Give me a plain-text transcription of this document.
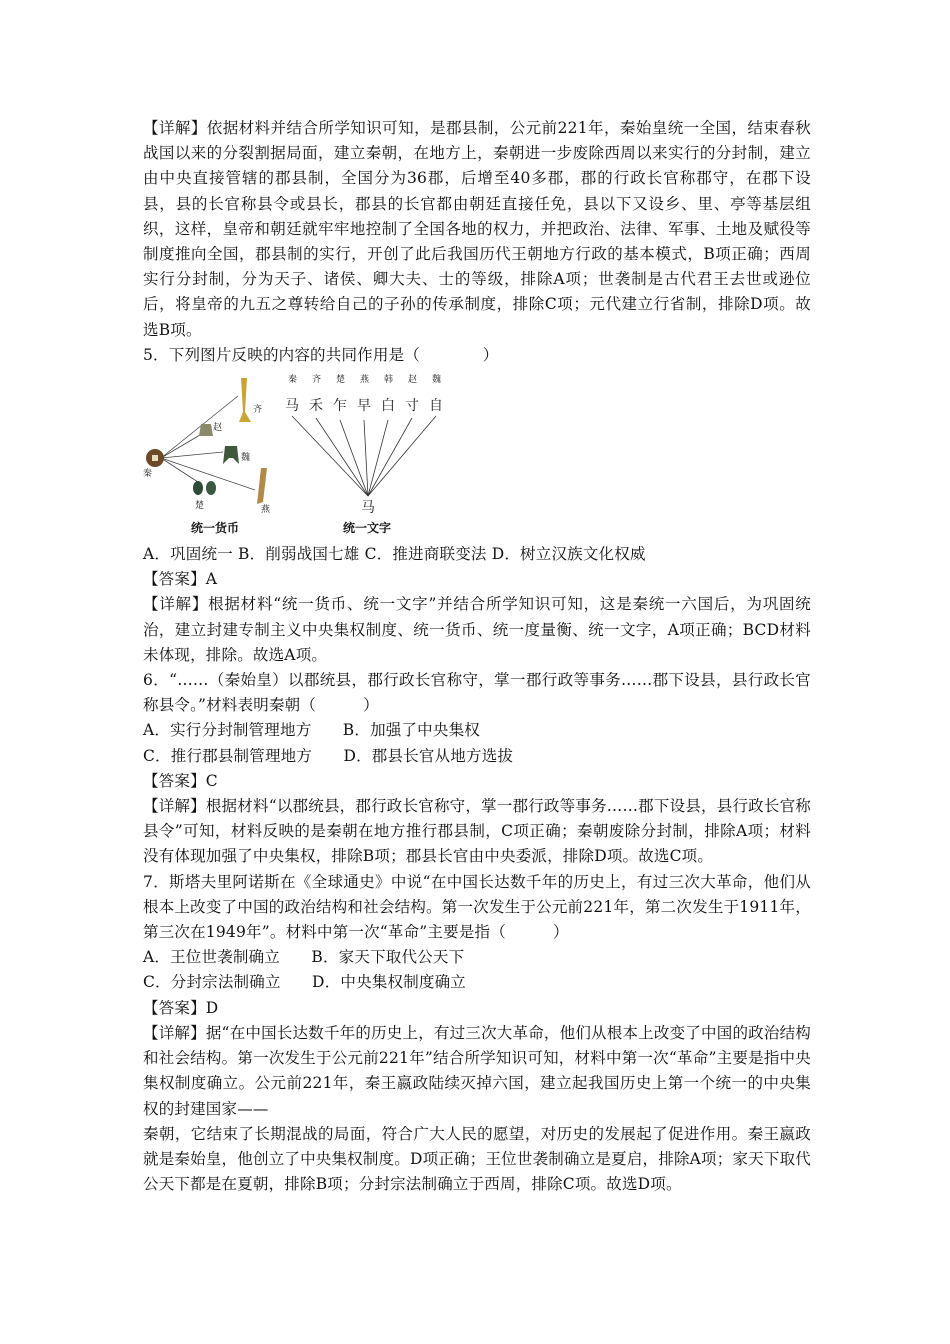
【详解】依据材料并结合所学知识可知，是郡县制，公元前221年，秦始皇统一全国，结束春秋战国以来的分裂割据局面，建立秦朝，在地方上，秦朝进一步废除西周以来实行的分封制，建立由中央直接管辖的郡县制，全国分为36郡，后增至40多郡，郡的行政长官称郡守，在郡下设县，县的长官称县令或县长，郡县的长官都由朝廷直接任免，县以下又设乡、里、亭等基层组织，这样，皇帝和朝廷就牢牢地控制了全国各地的权力，并把政治、法律、军事、土地及赋役等制度推向全国，郡县制的实行，开创了此后我国历代王朝地方行政的基本模式，B项正确；西周实行分封制，分为天子、诸侯、卿大夫、士的等级，排除A项；世袭制是古代君王去世或逊位后，将皇帝的九五之尊转给自己的子孙的传承制度，排除C项；元代建立行省制，排除D项。故选B项。

5．下列图片反映的内容的共同作用是（　　　　）

齐
赵
魏
秦
楚	燕
统一货币
秦 齐 楚 燕 韩 赵 魏
马 禾 乍 早 白 寸 自
马
统一文字

A．巩固统一 B．削弱战国七雄 C．推进商联变法 D．树立汉族文化权威

【答案】A

【详解】根据材料“统一货币、统一文字”并结合所学知识可知，这是秦统一六国后，为巩固统治，建立封建专制主义中央集权制度、统一货币、统一度量衡、统一文字，A项正确；BCD材料未体现，排除。故选A项。

6．“……（秦始皇）以郡统县，郡行政长官称守，掌一郡行政等事务……郡下设县，县行政长官称县令。”材料表明秦朝（　　　）

A．实行分封制管理地方　　B．加强了中央集权

C．推行郡县制管理地方　　D．郡县长官从地方选拔

【答案】C

【详解】根据材料“以郡统县，郡行政长官称守，掌一郡行政等事务……郡下设县，县行政长官称县令”可知，材料反映的是秦朝在地方推行郡县制，C项正确；秦朝废除分封制，排除A项；材料没有体现加强了中央集权，排除B项；郡县长官由中央委派，排除D项。故选C项。

7．斯塔夫里阿诺斯在《全球通史》中说“在中国长达数千年的历史上，有过三次大革命，他们从根本上改变了中国的政治结构和社会结构。第一次发生于公元前221年，第二次发生于1911年，第三次在1949年”。材料中第一次“革命”主要是指（　　　）

A．王位世袭制确立　　B．家天下取代公天下

C．分封宗法制确立　　D．中央集权制度确立

【答案】D

【详解】据“在中国长达数千年的历史上，有过三次大革命，他们从根本上改变了中国的政治结构和社会结构。第一次发生于公元前221年”结合所学知识可知，材料中第一次“革命”主要是指中央集权制度确立。公元前221年，秦王嬴政陆续灭掉六国，建立起我国历史上第一个统一的中央集权的封建国家——

秦朝，它结束了长期混战的局面，符合广大人民的愿望，对历史的发展起了促进作用。秦王嬴政就是秦始皇，他创立了中央集权制度。D项正确；王位世袭制确立是夏启，排除A项；家天下取代公天下都是在夏朝，排除B项；分封宗法制确立于西周，排除C项。故选D项。
